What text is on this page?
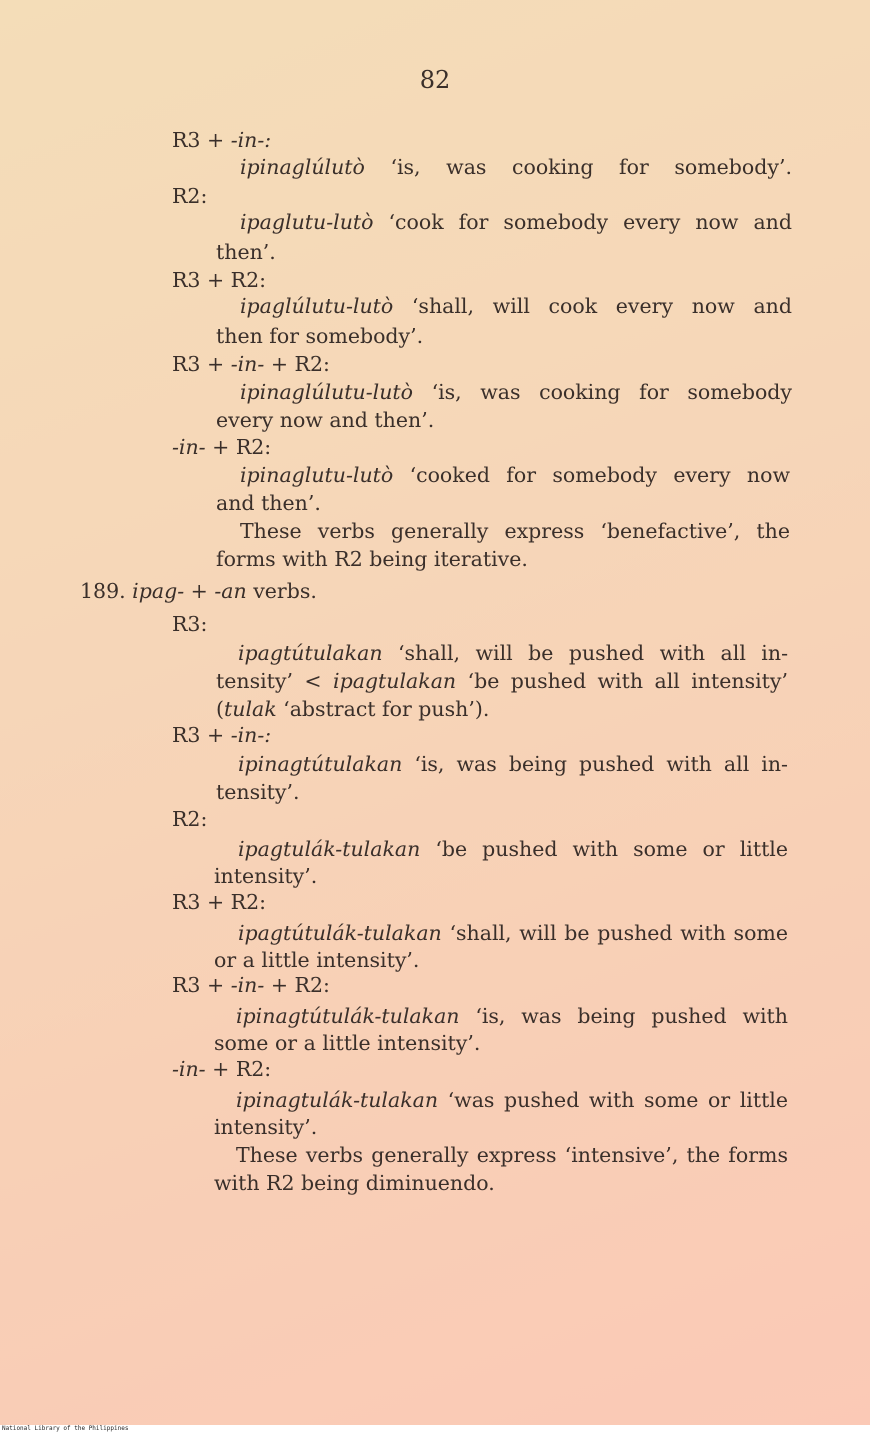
82
R3 + -in-:
ipinaglúlutò ‘is, was cooking for somebody’.
R2:
ipaglutu-lutò ‘cook for somebody every now and
then’.
R3 + R2:
ipaglúlutu-lutò ‘shall, will cook every now and
then for somebody’.
R3 + -in- + R2:
ipinaglúlutu-lutò ‘is, was cooking for somebody
every now and then’.
-in- + R2:
ipinaglutu-lutò ‘cooked for somebody every now
and then’.
These verbs generally express ‘benefactive’, the
forms with R2 being iterative.
189. ipag- + -an verbs.
R3:
ipagtútulakan ‘shall, will be pushed with all in-
tensity’ < ipagtulakan ‘be pushed with all intensity’
(tulak ‘abstract for push’).
R3 + -in-:
ipinagtútulakan ‘is, was being pushed with all in-
tensity’.
R2:
ipagtulák-tulakan ‘be pushed with some or little
intensity’.
R3 + R2:
ipagtútulák-tulakan ‘shall, will be pushed with some
or a little intensity’.
R3 + -in- + R2:
ipinagtútulák-tulakan ‘is, was being pushed with
some or a little intensity’.
-in- + R2:
ipinagtulák-tulakan ‘was pushed with some or little
intensity’.
These verbs generally express ‘intensive’, the forms
with R2 being diminuendo.
National Library of the Philippines
